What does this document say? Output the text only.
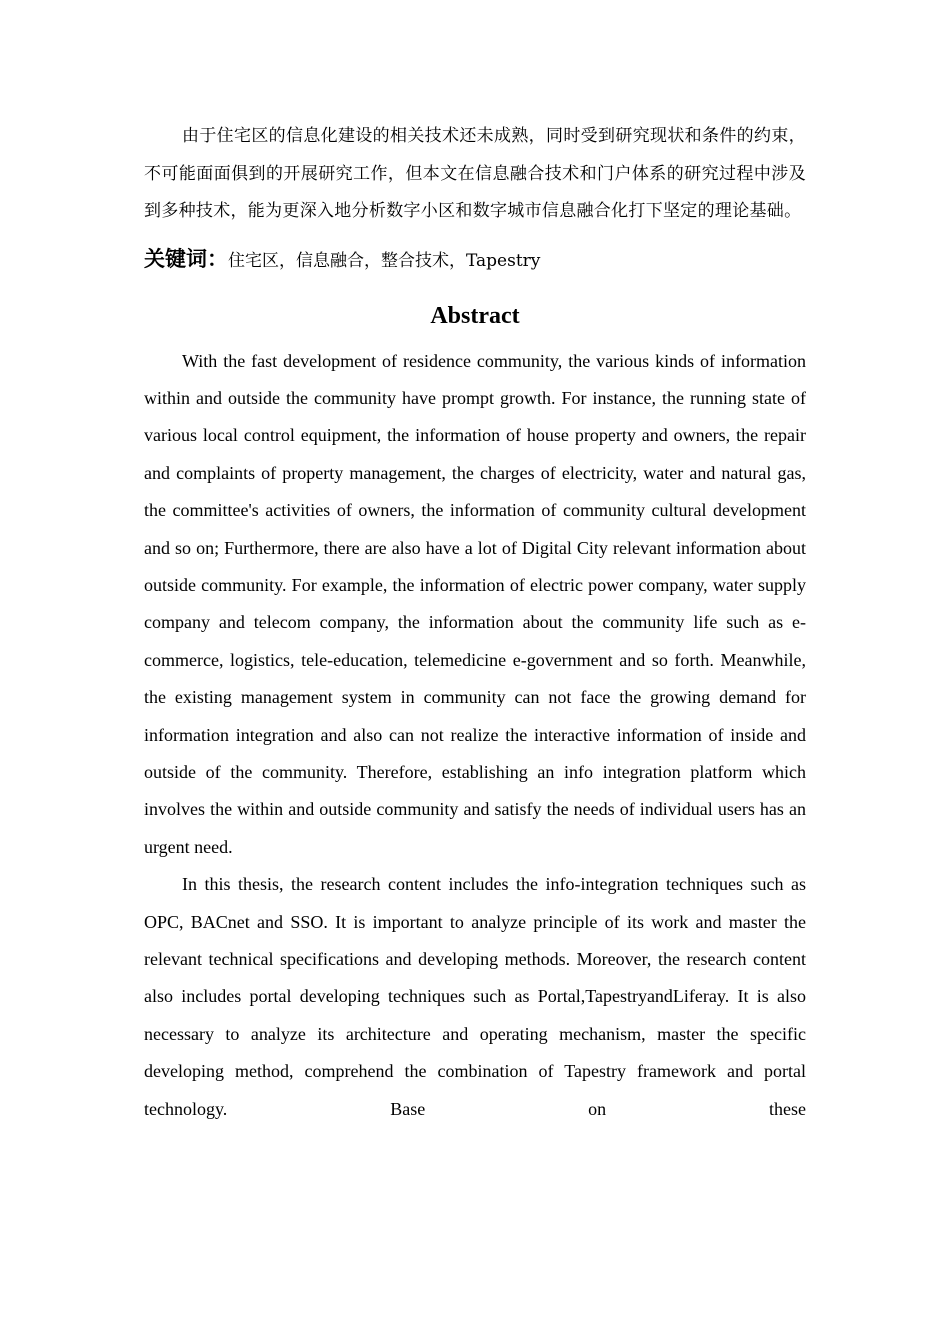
由于住宅区的信息化建设的相关技术还未成熟，同时受到研究现状和条件的约束，不可能面面俱到的开展研究工作，但本文在信息融合技术和门户体系的研究过程中涉及到多种技术，能为更深入地分析数字小区和数字城市信息融合化打下坚定的理论基础。

关键词：住宅区，信息融合，整合技术，Tapestry

Abstract

With the fast development of residence community, the various kinds of information within and outside the community have prompt growth. For instance, the running state of various local control equipment, the information of house property and owners, the repair and complaints of property management, the charges of electricity, water and natural gas, the committee's activities of owners, the information of community cultural development and so on; Furthermore, there are also have a lot of Digital City relevant information about outside community. For example, the information of electric power company, water supply company and telecom company, the information about the community life such as e-commerce, logistics, tele-education, telemedicine e-government and so forth. Meanwhile, the existing management system in community can not face the growing demand for information integration and also can not realize the interactive information of inside and outside of the community. Therefore, establishing an info integration platform which involves the within and outside community and satisfy the needs of individual users has an urgent need.

In this thesis, the research content includes the info-integration techniques such as OPC, BACnet and SSO. It is important to analyze principle of its work and master the relevant technical specifications and developing methods. Moreover, the research content also includes portal developing techniques such as Portal,TapestryandLiferay. It is also necessary to analyze its architecture and operating mechanism, master the specific developing method, comprehend the combination of Tapestry framework and portal technology. Base on these
